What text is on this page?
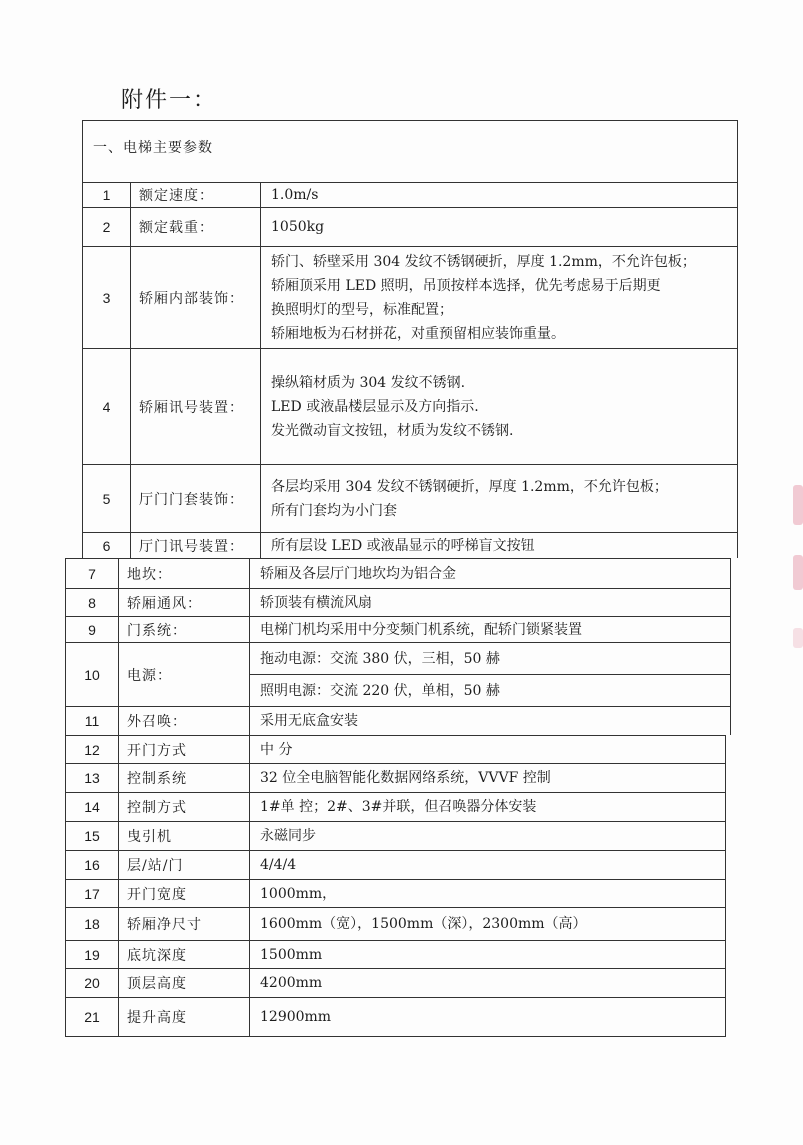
附件一：
一、电梯主要参数
1	额定速度：	1.0m/s
2	额定载重：	1050kg
3	轿厢内部装饰：
轿门、轿壁采用 304 发纹不锈钢硬折，厚度 1.2mm，不允许包板；
轿厢顶采用 LED 照明，吊顶按样本选择，优先考虑易于后期更
换照明灯的型号，标准配置；
轿厢地板为石材拼花，对重预留相应装饰重量。
4	轿厢讯号装置：
操纵箱材质为 304 发纹不锈钢.
LED 或液晶楼层显示及方向指示.
发光微动盲文按钮，材质为发纹不锈钢.
5	厅门门套装饰：
各层均采用 304 发纹不锈钢硬折，厚度 1.2mm，不允许包板；
所有门套均为小门套
6	厅门讯号装置：	所有层设 LED 或液晶显示的呼梯盲文按钮
7	地坎：	轿厢及各层厅门地坎均为铝合金
8	轿厢通风：	轿顶装有横流风扇
9	门系统：	电梯门机均采用中分变频门机系统，配轿门锁紧装置
10	电源：
拖动电源：交流 380 伏，三相，50 赫
照明电源：交流 220 伏，单相，50 赫
11	外召唤：	采用无底盒安装
12	开门方式	中 分
13	控制系统	32 位全电脑智能化数据网络系统，VVVF 控制
14	控制方式	1#单 控；2#、3#并联，但召唤器分体安装
15	曳引机	永磁同步
16	层/站/门	4/4/4
17	开门宽度	1000mm，
18	轿厢净尺寸	1600mm（宽），1500mm（深），2300mm（高）
19	底坑深度	1500mm
20	顶层高度	4200mm
21	提升高度	12900mm
